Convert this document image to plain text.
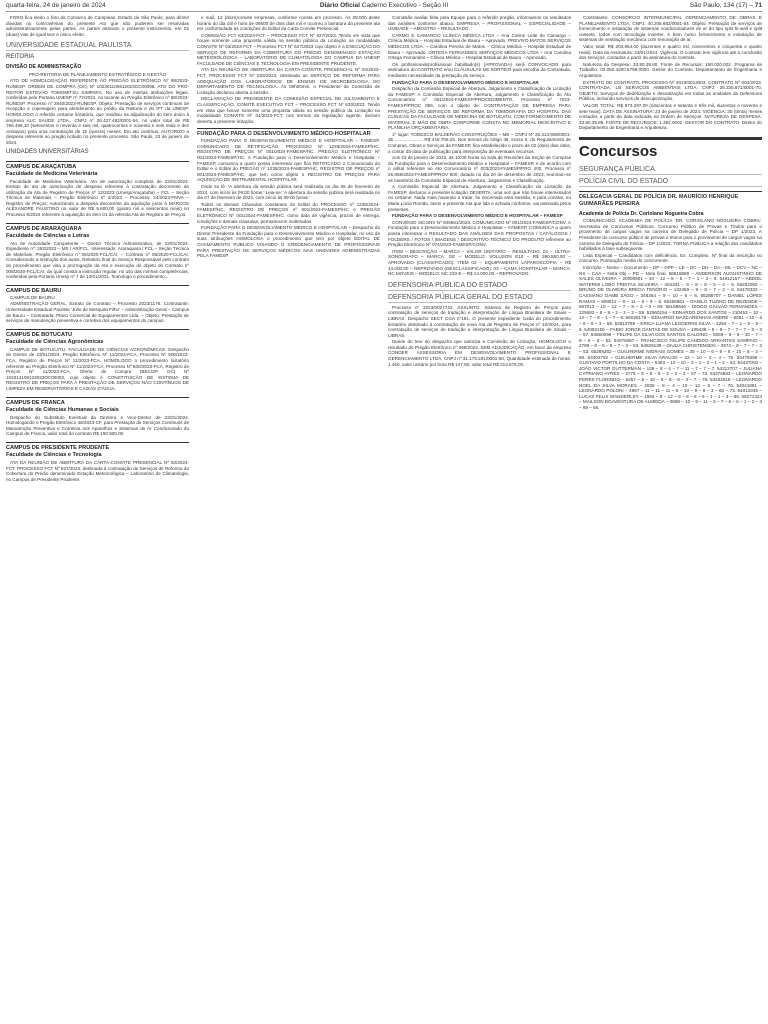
quarta-feira, 24 de janeiro de 2024	Diário Oficial Caderno Executivo - Seção III	São Paulo, 134 (17) – 71

FORO fica eleito o foro da Comarca de Campinas, Estado de São Paulo, para dirimir dúvidas ou controvérsias do presente Ato que não puderem ser resolvidas administrativamente pelas partes. As partes assinam o presente instrumento, em 02 (duas) vias de igual teor e único efeito.

UNIVERSIDADE ESTADUAL PAULISTA
REITORIA
DIVISÃO DE ADMINISTRAÇÃO

PRÓ-REITORIA DE PLANEJAMENTO ESTRATÉGICO E GESTÃO

ATO DE HOMOLOGAÇÃO REFERENTE AO PREGÃO ELETRÔNICO Nº 88/2023-RUNESP. ORDEM DE COMPRA (OC) Nº 102301100612023OC00096. ATO DO PRÓ-REITOR ESTEVÃO TOMOMITSU KIMPARA. No uso de minhas atribuições legais, conferidas pela Portaria UNESP nº 72/2021, no tocante ao Pregão Eletrônico nº 88/2023-RUNESP. Processo nº 2840/2023-RUNESP. Objeto: Prestação de serviços contínuos de recepção e copeiragem para atendimento ao prédio da Reitoria e do IFT da UNESP. HOMOLOGO o referido certame licitatório, que resultou na adjudicação do item único à empresa ALC SAÚDE LTDA., CNPJ nº 26.427.482/0001-54, no valor total de R$ 796.496,10 (setecentos e noventa e seis mil, quatrocentos e noventa e seis reais e dez centavos) para uma contratação de 15 (quinze) meses. Em ato contínuo, AUTORIZO a despesa referente ao pregão licitado no presente processo. São Paulo, 23 de janeiro de 2024.

UNIDADES UNIVERSITÁRIAS
CAMPUS DE ARAÇATUBA
Faculdade de Medicina Veterinária

Faculdade de Medicina Veterinária. Ato de autorização completa de 22/01/2024. Extrato de ato de autorização de despesa referente à contratação decorrente de utilização da Ata de Registro de Preços nº 12/2023 (Unesp/Araçatuba) – FCL – Seção Técnica de Materiais – Pregão Eletrônico nº 2/2023 – Processo: 24/2023-FMVA – Registro de Preços: Autorizando a despesa decorrente da aquisição junto à MARCOS ALEXANDRE FAUSTINO no valor de R$ 5.600,00 (quatro mil e seiscentos reais) no Processo 8/2024 referente à aquisição do item 01 da referida Ata de Registro de Preços.

CAMPUS DE ARARAQUARA
Faculdade de Ciências e Letras

Ato de Autoridade Competente – Diretor Técnico Administrativo, de 23/01/2024. Expediente nº: 292/2023 – MX I AR/FCL. Interessado: Araraquara / FCL – Seção Técnica de Materiais. Pregão Eletrônico nº 05/2020-FCL/CAr. – Contrato nº 08/2020-FCL/CAr. Considerando a instrução dos autos, Relatório final do Serviço Responsável pelo contrato do procedimento que visa a prorrogação da Ata e execução do objeto do Contrato nº 008/2020-FCL/CAr, da qual consta a instrução regular, no uso das minhas competências, conferidas pela Portaria Unesp nº 7 de 13/01/2021, homologo o procedimento...

CAMPUS DE BAURU

CAMPUS DE BAURU

ADMINISTRAÇÃO GERAL. Extrato de Contrato – Processo 2023/1176. Contratante: Universidade Estadual Paulista 'Júlio de Mesquita Filho' – Administração Geral – Campus de Bauru – Contratada: Plano Comercial de Equipamentos Ltda. – Objeto: Prestação de serviços de manutenção preventiva e corretiva dos equipamentos do campus.

CAMPUS DE BOTUCATU
Faculdade de Ciências Agronômicas

CAMPUS DE BOTUCATU. FACULDADE DE CIÊNCIAS AGRONÔMICAS. Despacho do Diretor de 23/01/2024. Pregão Eletrônico Nº 11/2023-FCA, Processo Nº 500/2023-FCA, Registro de Preços Nº 11/2023-FCA. HOMOLOGO o procedimento licitatório referente ao Pregão Eletrônico Nº 11/2023-FCA, Processo Nº 500/2023-FCA, Registro de Preços Nº 11/2023-FCA, Oferta de Compra (BEC/SP OC) Nº 102314106122023OC00003, cujo objeto é CONSTITUIÇÃO DE SISTEMA DE REGISTRO DE PREÇOS PARA A PRESTAÇÃO DE SERVIÇOS NÃO CONTÍNUOS DE LIMPEZA EM RESERVATÓRIOS E CAIXAS D'ÁGUA.

CAMPUS DE FRANCA
Faculdade de Ciências Humanas e Sociais

Despacho do Substituto Eventual da Diretora e Vice-Diretor de 23/01/2024. Homologando o Pregão Eletrônico 48/2023-CF, para Prestação de Serviços Contínuos de Manutenção Preventiva e Corretiva nos Aparelhos e Sistemas de Ar Condicionado do Campus de Franca, valor total do contrato R$ 190.900,00.

CAMPUS DE PRESIDENTE PRUDENTE
Faculdade de Ciências e Tecnologia

ATA DA REUNIÃO DE ABERTURA DA CARTA-CONVITE PRESENCIAL Nº 03/2023-FCT, PROCESSO FCT Nº 627/2023, destinada à contratação de Serviços de Reforma do Cobertura do Prédio denominado Estação Meteorológica – Laboratório de Climatologia, no Campus de Presidente Prudente.

e mail, 12 (doze)convite empresas, conforme consta em processo. Às 09:00h deste horário do dia útil e hora de 09h00 de dois dias mil e ocorreu a lavratura da presente ata em conformidade às condições do Edital da Carta Convite Presencial.

COMISSÃO FCT 83/2023-FCT – PROCESSO FCT Nº 627/2023. Tendo em vista que houve somente uma proposta válida na sessão pública da Licitação na modalidade CONVITE Nº 03/2023-FCT – Processo FCT Nº 627/2023 cujo objeto é a EXECUÇÃO DO SERVIÇO DE REFORMA DA COBERTURA DO PRÉDIO DENOMINADO ESTAÇÃO METEOROLÓGICA – LABORATÓRIO DE CLIMATOLOGIA DO CAMPUS DA UNESP FACULDADE DE CIÊNCIAS E TECNOLOGIA EM PRESIDENTE PRUDENTE.

ATA DA REUNIÃO DE ABERTURA DA CARTA-CONVITE PRESENCIAL Nº 04/2023-FCT, PROCESSO FCT Nº 833/2023, destinada ao SERVIÇO DE REFORMA PARA ADEQUAÇÃO DOS LABORATÓRIOS DE ENSINO DE MICROBIOLOGIA DO DEPARTAMENTO DE TECNOLOGIA. Às 09h00min, o Presidente da Comissão de Licitação declarou aberta a sessão.

DECLARAÇÃO DE PRESIDENTE DA COMISSÃO ESPECIAL DE JULGAMENTO E CLASSIFICAÇÃO. COMITÊ EXECUTIVO FCT – PROCESSO FCT Nº 833/2023. Tendo em vista que houve somente uma proposta válida na sessão pública da Licitação na modalidade CONVITE Nº 04/2023-FCT, nos termos da legislação vigente, declaro deserta a presente licitação.

FUNDAÇÃO PARA O DESENVOLVIMENTO MÉDICO-HOSPITALAR

FUNDAÇÃO PARA O DESENVOLVIMENTO MÉDICO E HOSPITALAR – FAMESP. COMUNICADO DE RETIFICAÇÃO. PROCESSO Nº 1238/2024-FAMESP/HC. REGISTRO DE PREÇOS Nº 001/2024-FAMESP/HC. PREGÃO ELETRÔNICO Nº 001/2024-FAMESP/HC. A Fundação para o Desenvolvimento Médico e Hospitalar – FAMESP, comunica a quem possa interessar que fica RETIFICADO o Comunicado do Edital e o Edital do PREGÃO nº 1238/2024-FAMESP/HC, REGISTRO DE PREÇOS nº 001/2024-FAMESP/HC, que tem como objeto o REGISTRO DE PREÇOS PARA AQUISIÇÃO DE INSTRUMENTAL HOSPITALAR.

Onde se lê: 'A abertura da sessão pública será realizada no dia 05 de fevereiro de 2024, com início às 09:00 horas.' Leia-se: 'A abertura da sessão pública será realizada no dia 07 de fevereiro de 2024, com início às 09:00 horas.'

Todos os demais Cláusulas constantes do Edital do PROCESSO nº 1238/2024-FAMESP/HC, REGISTRO DE PREÇOS nº 001/2024-FAMESP/HC e PREGÃO ELETRÔNICO Nº 001/2024-FAMESP/HC, como data de vigência, prazos de entrega, condições e demais cláusulas, permanecem inalteradas.

FUNDAÇÃO PARA O DESENVOLVIMENTO MÉDICO E HOSPITALAR – Despacho do Diretor Presidente da Fundação para o Desenvolvimento Médico e Hospitalar, no uso de suas atribuições HOMOLOGA o procedimento que tem por objeto EDITAL DE CHAMAMENTO PÚBLICO VISANDO O CREDENCIAMENTO DE PROFISSIONAIS PARA PRESTAÇÃO DE SERVIÇOS MÉDICOS NAS UNIDADES ADMINISTRADAS PELA FAMESP.

Comissão avaliar feita pela Equipe para o referido pregão, informamos os resultados das análises conforme abaixo: EMPRESA – PROFISSIONAL – ESPECIALIDADE – UNIDADE – AMOSTRA – RESULTADO.

CARMO E CAMARGO CLÍNICA MÉDICA LTDA – Ana Carine Leite de Camargo – Clínica Médica – Hospital Estadual de Bauru – Aprovado. PREVIVO MATOS SERVIÇOS MÉDICOS LTDA. – Carolina Pereira de Matos – Clínica Médica – Hospital Estadual de Bauru – Aprovado. ORTEGA FERNANDES SERVIÇOS MÉDICOS LTDA – Ana Carolina Ortega Fernandes – Clínica Médica – Hospital Estadual de Bauru – Aprovado.

Os profissionais/profissional habilitado(s) (APROVADA) será CONVOCADO para assinatura do CONTRATO e/ou CLÁUSULAS DE SORTEIO para escolha da Contratada, mediante necessidade da prestação do serviço.

FUNDAÇÃO PARA O DESENVOLVIMENTO MÉDICO E HOSPITALAR

Despacho da Comissão Especial de Abertura, Julgamento e Classificação de Licitação da FAMESP. A Comissão Especial de Abertura, Julgamento e Classificação do Ato Convocatório nº 001/2024-FAMESP/PROCEDIMENTO, Processo nº 7023-FAMESP/PROC 096, com o objeto de: CONTRATAÇÃO DE EMPRESA PARA PRESTAÇÃO DE SERVIÇOS DE REFORMA DA TOMOGRAFIA DO HOSPITAL DAS CLÍNICAS DA FACULDADE DE MEDICINA DE BOTUCATU, COM FORNECIMENTO DE MATERIAL E MÃO DE OBRA CONFORME CONSTA NO MEMORIAL DESCRITIVO E PLANILHA ORÇAMENTÁRIA.

1º lugar: TODESCO BALDERÃO CONSTRUÇÕES – ME – CNPJ Nº 25.313.908/0001-35 ...................... R$ 418.708,25. Nos termos do Artigo 48, inciso II, do Regulamento de Compras, Obras e Serviços da FAMESP, fica estabelecido o prazo de 02 (dois) dias úteis, a contar da data de publicação para interposição de eventuais recursos.

Aos 23 de janeiro de 2023, às 10:00 horas na Sala de Reuniões da Seção de Compras da Fundação para o Desenvolvimento Médico e Hospitalar – FAMESP, e de acordo com o edital referente ao Ato Convocatório nº 003/2023-FAMESP/PRO 400, Processo nº 25.859/2023-FAMESP/PROV 800, datado no dia 20 de dezembro de 2023, reuniram-se os membros da Comissão Especial de Abertura, Julgamento e Classificação.

A Comissão Especial de Abertura, Julgamento e Classificação da Licitação da FAMESP, declarou a presente licitação DESERTA, uma vez que não houve interessados no certame. Nada mais havendo a tratar, foi encerrada esta Sessão, e para constar, eu Maria Lúcia Romão, lavrei a presente Ata que lida e achada conforme, vai assinada pelos presentes.

FUNDAÇÃO PARA O DESENVOLVIMENTO MÉDICO E HOSPITALAR – FAMESP

CONVÊNIO SICONV Nº 946561/2023. COMUNICADO Nº 001/2024-FAMESP/CONV. A Fundação para o Desenvolvimento Médico e Hospitalar – FAMESP, COMUNICA a quem possa interessar o RESULTADO DAS ANÁLISES DAS PROPOSTAS / CATÁLOGOS / FOLDERS / FOTOS / IMAGENS / DESCRITIVO TÉCNICO DO PRODUTO referente ao Pregão Eletrônico Nº 074/2023-FAMESP/CONV.

ITEM – DESCRIÇÃO – MARCA – VALOR UNITÁRIO – RESULTADO. 01 – ULTRA-SONÓGRAFO – MARCA: GE – MODELO: VOLUSON E10 – R$ 390.550,00 – APROVADO (CLASSIFICADO). ITEM 02 – EQUIPAMENTO LAPAROSCOPIA – R$ 14.000,00 – REPROVADO (DESCLASSIFICADO). 03 – CAMA HOSPITALAR – MARCA: NC MOVEIS – MODELO: NC 233-E – R$ 14.000,00 – REPROVADO.

DEFENSORIA PÚBLICA DO ESTADO
DEFENSORIA PÚBLICA GERAL DO ESTADO

Processo nº 2023/0027743. ASSUNTO: Sistema de Registro de Preços para contratação de serviços de tradução e interpretação de Língua Brasileira de Sinais – LIBRAS. Despacho SECT CGA nº181. O presente expediente cuida do procedimento licitatório destinado à contratação de nova Ata de Registro de Preços nº 10/2024, para contratação de serviços de tradução e interpretação de Língua Brasileira de Sinais – LIBRAS.

Diante do teor do despacho que autoriza a Comissão de Licitação, HOMOLOGO o resultado do Pregão Eletrônico nº 066/2023, SEM ADJUDICAÇÃO, em favor da empresa CONDER ASSESSORIA EM DESENVOLVIMENTO PROFISSIONAL E GERENCIAMENTO LTDA, CNPJ nº 31.179.291/0001-50, Quantidade estimada de horas: 1.450, valor unitário por hora R$ 147,50, valor total R$ 213.875,00.

Contratante: CONSÓRCIO INTERMUNICIPAL GERENCIAMENTO DE OBRAS E PLANEJAMENTO LTDA. CNPJ: 40.205.662/0001-54. Objeto: Prestação de serviços de fornecimento e instalação de sistemas condicionadores de ar do tipo split hi-wall e split cassete, todos com tecnologia inverter, e bem como fornecimento e instalação de sistemas de ventilação mecânica com renovação de ar.

Valor total: R$ 204.954,00 (duzentos e quatro mil, novecentos e cinquenta e quatro reais). Data da Assinatura: 23/01/2024. Vigência: O contrato tem vigência até a conclusão dos serviços, contados a partir da assinatura do contrato.

Natureza da Despesa: 33.90.39.80. Fonte de Recursos: 150.020.002. Programa de Trabalho: 03.092.4200.5799.0000. Gestor do Contrato: Departamento de Engenharia e Arquitetura.

EXTRATO DE CONTRATO. PROCESSO Nº 2023/0013003. CONTRATO Nº 004/2023. CONTRATADA: LB SERVIÇOS AMBIENTAIS LTDA. CNPJ: 26.325.871/0001-70. OBJETO: Serviços de dedetização e desratização em todas as unidades da Defensoria Pública, incluindo serviços de descupinização.

VALOR TOTAL: R$ 873.297,00 (oitocentos e setenta e três mil, duzentos e noventa e sete reais). DATA DE ASSINATURA: 23 de janeiro de 2024. VIGÊNCIA: 30 (trinta) meses contados a partir da data indicada na Ordem de Serviços. NATUREZA DE DESPESA: 33.90.39.99. FONTE DE RECURSOS: 1.392.0002. GESTOR DO CONTRATO: Diretor do Departamento de Engenharia e Arquitetura.

Concursos
SEGURANÇA PÚBLICA
POLÍCIA CIVIL DO ESTADO
DELEGACIA GERAL DE POLÍCIA DR. MAURÍCIO HENRIQUE GUIMARÃES PEREIRA
Academia de Polícia Dr. Coriolano Nogueira Cobra

COMUNICADO. ACADEMIA DE POLÍCIA 'DR. CORIOLANO NOGUEIRA COBRA'. Secretaria de Concursos Públicos. Concurso Público de Provas e Títulos para o provimento de cargos vagos na carreira de Delegado de Polícia – DP 1/2023. A Presidente do concurso público de provas e títulos para o provimento de cargos vagos na carreira de Delegado de Polícia – DP 1/2023, TORNA PÚBLICA a relação dos candidatos habilitados à fase subsequente.

Lista Especial – Candidatos com deficiência. Ex: Completo. Nº final da inscrição no concurso. Pontuação média do concorrente.

Inscrição – Nome – Documento – DP – DPP – LE – DC – DH – DA – ML – DCV – NC – NS – CAA – Nota Obj – PD – Nota final. 56818689 – ANDERSON AUGUSTINHO DE SALES OLIVEIRA – 20090901 – 10 – 12 – 8 – 5 – 7 – 1 – 3 – 6. 54912157 – ABDIEL WATERMI LOBO FREITAS SILVEIRA – 404331 – 9 – 8 – 8 – 6 – 4 – 8. 55254052 – BRUNO DE OLIVEIRA BREGA TENÓRIO – 132459 – 9 – 8 – 7 – 2 – 6. 54478332 – CASSIANO DAMB ZAGO – 348364 – 9 – 10 – 5 – 6. 55288707 – DANIEL LOPES RAMAS – 808812 – 9 – 11 – 6 – 6 – 6. 55455581 – DANILO TUZINO DE REZENDE – 667013 – 10 – 12 – 7 – 8 – 3 – 3 – 69. 55159646 – DIOGO GALVÃO FERNANDES – 225682 – 8 – 9 – 2 – 2 – 3 – 59. 52960154 – EDNARDO DOS SANTOS – 210453 – 10 – 12 – 7 – 8 – 1 – 7 – 6. 56028178 – EDUARDO MASCARENHAS ANDRÉ – 5061 – 10 – 6 – 6 – 6 – 3 – 69. 52812789 – ERICA LUANA LEGGERINI SILVA – 2294 – 7 – 1 – 6 – 8 – 6. 54092155 – FABIO JORGE DANTAS DE SOUSA – 105436 – 9 – 9 – 7 – 7 – 7 – 8 – 3 – 57. 54550096 – FELIPE DA SILVA DOS SANTOS GALDINO – 5069 – 6 – 9 – 10 – 7 – 9 – 6 – 5 – 53. 54079357 – FRANCISCO FELIPE CANDIDO ARRANTES SAMPAIO – 2788 – 8 – 5 – 8 – 7 – 3 – 53. 54829139 – GIULIA CHRISTENSEN – 3974 – 8 – 7 – 7 – 3 – 53. 55269262 – GUILHERME NIGRAIS GOMES – 35 – 10 – 6 – 8 – 8 – 10 – 8 – 3 – 58. 54402792 – GUILHERME SILVA ARAÚJO – 22 – 10 – 3 – 4 – 75. 53479398 – GUSTAVO PORTILHO DA COSTA – 5453 – 10 – 10 – 3 – 1 – 3 – 1 – 2 – 63. 54427003 – JOÃO VICTOR GUTTERMAN – 109 – 8 – 4 – 7 – 11 – 7 – 7 – 7. 54212707 – JULIANA CYPRIANO AYRES – 2776 – 8 – 8 – 9 – 2 – 2 – 3 – 57 – 73. 54376683 – LEONARDO PERES FLORINDO – 5257 – 5 – 10 – 6 – 6 – 8 – 3 – 7 – 76. 53402618 – LEONARDO NOEL DA SILVA MORAES – 2835 – 8 – 4 – 10 – 12 – 5 – 7 – 76. 54041891 – LEONARDO POLONI – 4967 – 11 – 11 – 11 – 8 – 10 – 9 – 8 – 3 – 60 – 73. 54012345 – LUCAS FELIX WANDERLEY – 1593 – 8 – 12 – 9 – 9 – 8 – 6 – 1 – 1 – 3 – 66. 55271324 – MAILSON BOAVENTURA DE ALMEIDA – 0998 – 10 – 9 – 11 – 5 – 7 – 6 – 5 – 1 – 2 – 3 – 65 – 66.
